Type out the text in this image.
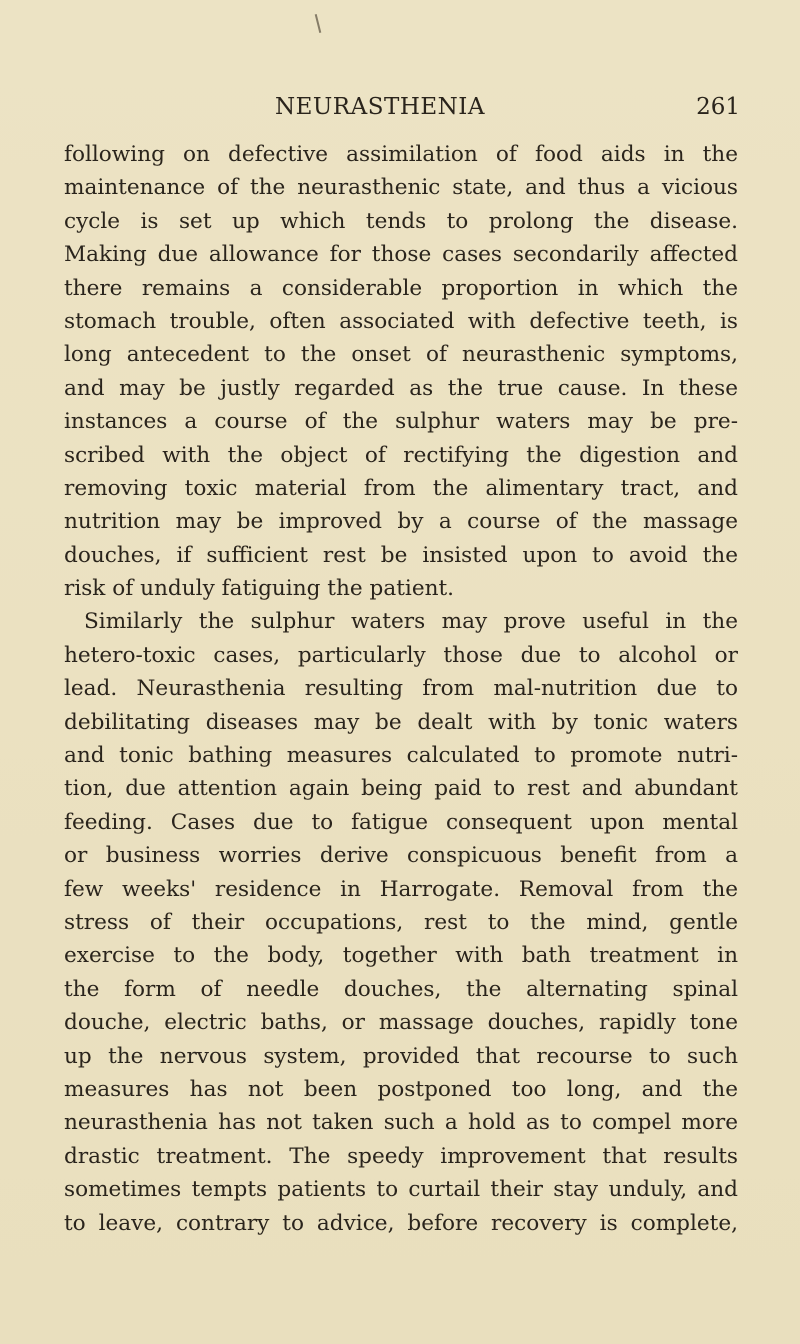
NEURASTHENIA	261
following on defective assimilation of food aids in the
maintenance of the neurasthenic state, and thus a vicious
cycle is set up which tends to prolong the disease.
Making due allowance for those cases secondarily affected
there remains a considerable proportion in which the
stomach trouble, often associated with defective teeth, is
long antecedent to the onset of neurasthenic symptoms,
and may be justly regarded as the true cause. In these
instances a course of the sulphur waters may be pre-
scribed with the object of rectifying the digestion and
removing toxic material from the alimentary tract, and
nutrition may be improved by a course of the massage
douches, if sufficient rest be insisted upon to avoid the
risk of unduly fatiguing the patient.
Similarly the sulphur waters may prove useful in the
hetero-toxic cases, particularly those due to alcohol or
lead. Neurasthenia resulting from mal-nutrition due to
debilitating diseases may be dealt with by tonic waters
and tonic bathing measures calculated to promote nutri-
tion, due attention again being paid to rest and abundant
feeding. Cases due to fatigue consequent upon mental
or business worries derive conspicuous benefit from a
few weeks' residence in Harrogate. Removal from the
stress of their occupations, rest to the mind, gentle
exercise to the body, together with bath treatment in
the form of needle douches, the alternating spinal
douche, electric baths, or massage douches, rapidly tone
up the nervous system, provided that recourse to such
measures has not been postponed too long, and the
neurasthenia has not taken such a hold as to compel more
drastic treatment. The speedy improvement that results
sometimes tempts patients to curtail their stay unduly, and
to leave, contrary to advice, before recovery is complete,
